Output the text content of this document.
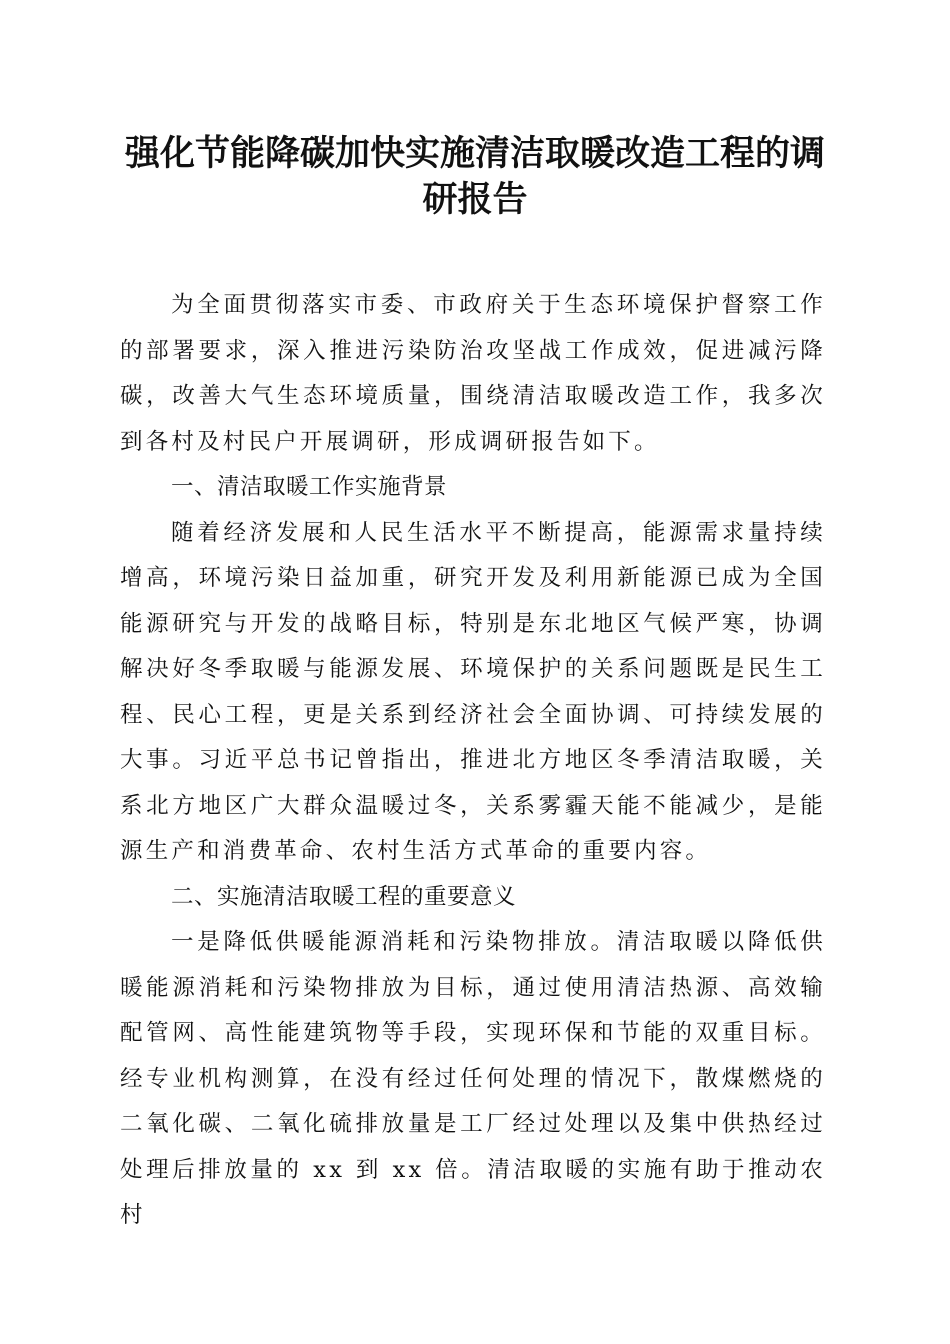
强化节能降碳加快实施清洁取暖改造工程的调研报告

为全面贯彻落实市委、市政府关于生态环境保护督察工作的部署要求，深入推进污染防治攻坚战工作成效，促进减污降碳，改善大气生态环境质量，围绕清洁取暖改造工作，我多次到各村及村民户开展调研，形成调研报告如下。

一、清洁取暖工作实施背景

随着经济发展和人民生活水平不断提高，能源需求量持续增高，环境污染日益加重，研究开发及利用新能源已成为全国能源研究与开发的战略目标，特别是东北地区气候严寒，协调解决好冬季取暖与能源发展、环境保护的关系问题既是民生工程、民心工程，更是关系到经济社会全面协调、可持续发展的大事。习近平总书记曾指出，推进北方地区冬季清洁取暖，关系北方地区广大群众温暖过冬，关系雾霾天能不能减少，是能源生产和消费革命、农村生活方式革命的重要内容。

二、实施清洁取暖工程的重要意义

一是降低供暖能源消耗和污染物排放。清洁取暖以降低供暖能源消耗和污染物排放为目标，通过使用清洁热源、高效输配管网、高性能建筑物等手段，实现环保和节能的双重目标。经专业机构测算，在没有经过任何处理的情况下，散煤燃烧的二氧化碳、二氧化硫排放量是工厂经过处理以及集中供热经过处理后排放量的 xx 到 xx 倍。清洁取暖的实施有助于推动农村
